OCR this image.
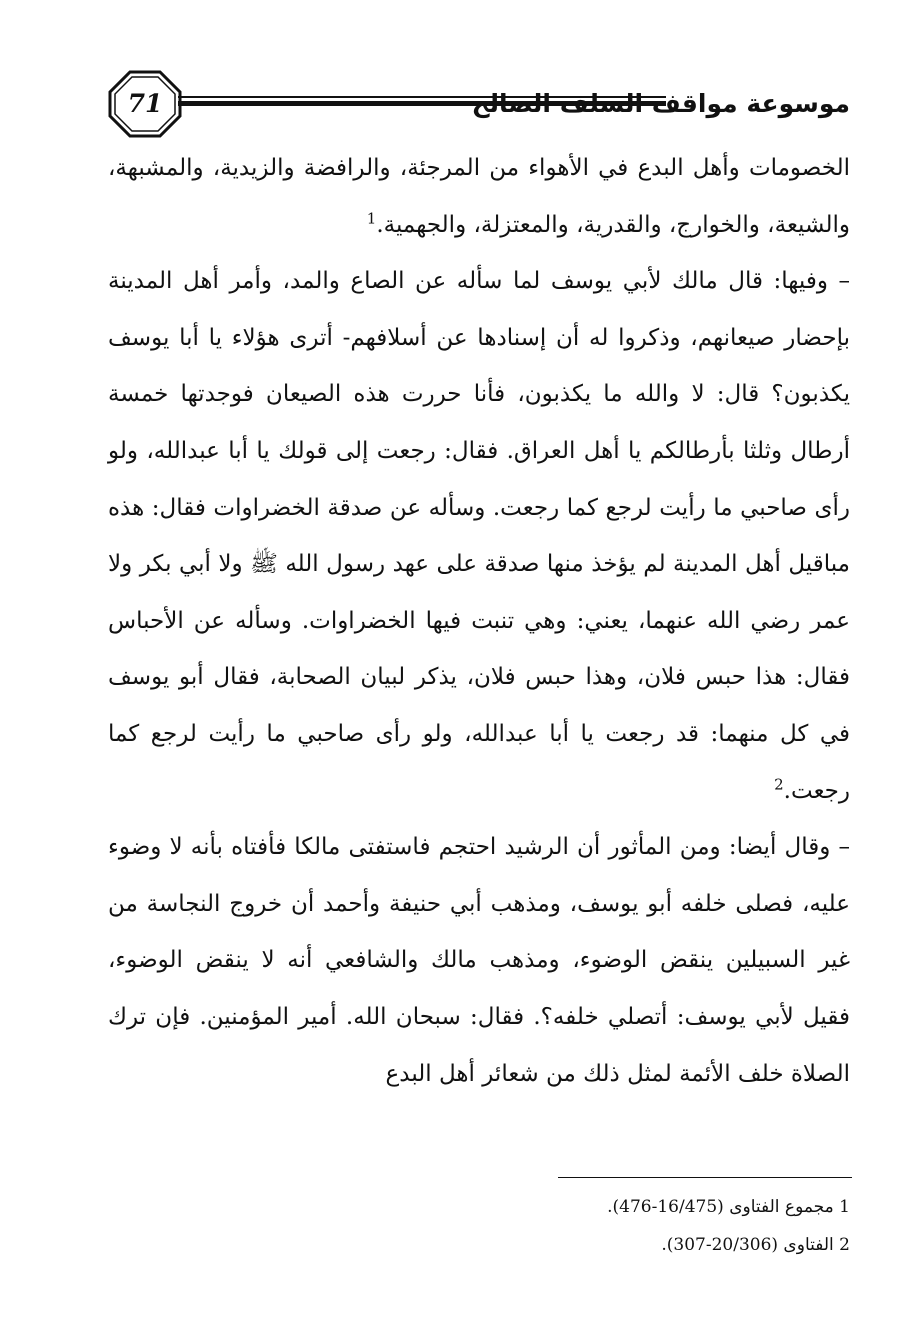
71	موسوعة مواقف السلف الصالح

الخصومات وأهل البدع في الأهواء من المرجئة، والرافضة والزيدية، والمشبهة، والشيعة، والخوارج، والقدرية، والمعتزلة، والجهمية.$^1$

– وفيها: قال مالك لأبي يوسف لما سأله عن الصاع والمد، وأمر أهل المدينة بإحضار صيعانهم، وذكروا له أن إسنادها عن أسلافهم- أترى هؤلاء يا أبا يوسف يكذبون؟ قال: لا والله ما يكذبون، فأنا حررت هذه الصيعان فوجدتها خمسة أرطال وثلثا بأرطالكم يا أهل العراق. فقال: رجعت إلى قولك يا أبا عبدالله، ولو رأى صاحبي ما رأيت لرجع كما رجعت. وسأله عن صدقة الخضراوات فقال: هذه مباقيل أهل المدينة لم يؤخذ منها صدقة على عهد رسول الله ﷺ ولا أبي بكر ولا عمر رضي الله عنهما، يعني: وهي تنبت فيها الخضراوات. وسأله عن الأحباس فقال: هذا حبس فلان، وهذا حبس فلان، يذكر لبيان الصحابة، فقال أبو يوسف في كل منهما: قد رجعت يا أبا عبدالله، ولو رأى صاحبي ما رأيت لرجع كما رجعت.$^2$

– وقال أيضا: ومن المأثور أن الرشيد احتجم فاستفتى مالكا فأفتاه بأنه لا وضوء عليه، فصلى خلفه أبو يوسف، ومذهب أبي حنيفة وأحمد أن خروج النجاسة من غير السبيلين ينقض الوضوء، ومذهب مالك والشافعي أنه لا ينقض الوضوء، فقيل لأبي يوسف: أتصلي خلفه؟. فقال: سبحان الله. أمير المؤمنين. فإن ترك الصلاة خلف الأئمة لمثل ذلك من شعائر أهل البدع

1 مجموع الفتاوى (16/475-476).
2 الفتاوى (20/306-307).
